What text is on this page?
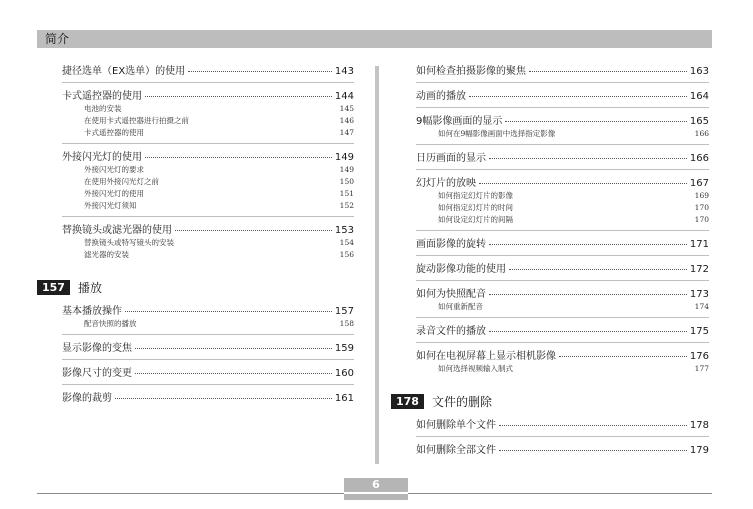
简介
捷径选单（EX选单）的使用	143
卡式遥控器的使用	144
电池的安装	145
在使用卡式遥控器进行拍摄之前	146
卡式遥控器的使用	147
外接闪光灯的使用	149
外接闪光灯的要求	149
在使用外接闪光灯之前	150
外接闪光灯的使用	151
外接闪光灯须知	152
替换镜头或滤光器的使用	153
替换镜头或特写镜头的安装	154
滤光器的安装	156
157	播放
基本播放操作	157
配音快照的播放	158
显示影像的变焦	159
影像尺寸的变更	160
影像的裁剪	161
如何检查拍摄影像的聚焦	163
动画的播放	164
9幅影像画面的显示	165
如何在9幅影像画面中选择指定影像	166
日历画面的显示	166
幻灯片的放映	167
如何指定幻灯片的影像	169
如何指定幻灯片的时间	170
如何设定幻灯片的间隔	170
画面影像的旋转	171
旋动影像功能的使用	172
如何为快照配音	173
如何重新配音	174
录音文件的播放	175
如何在电视屏幕上显示相机影像	176
如何选择视频输入制式	177
178	文件的删除
如何删除单个文件	178
如何删除全部文件	179
6
